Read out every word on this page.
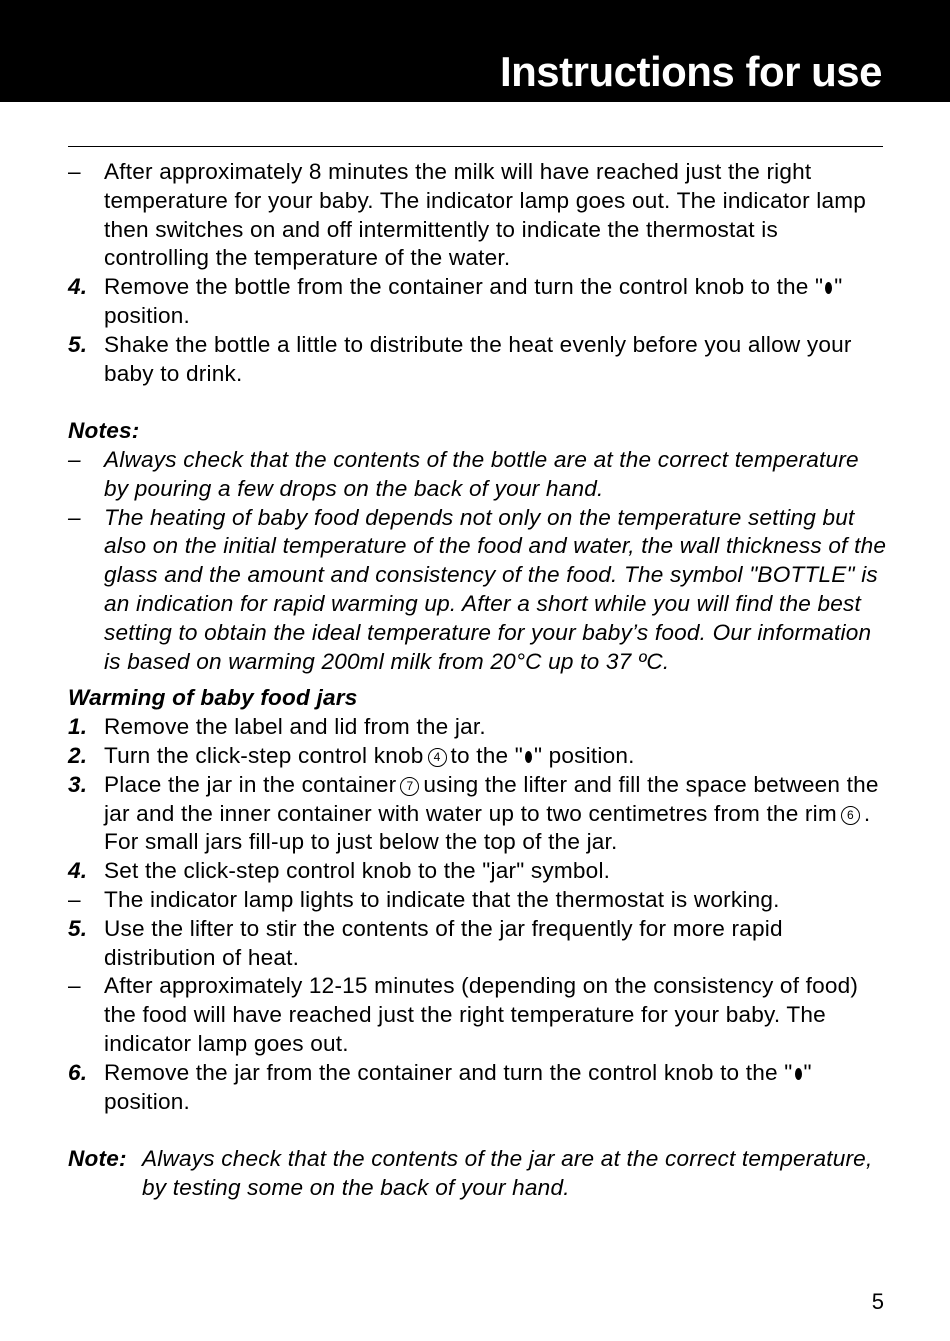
Instructions for use
–	After approximately 8 minutes the milk will have reached just the right temperature for your baby. The indicator lamp goes out. The indicator lamp then switches on and off intermittently to indicate the thermostat is controlling the temperature of the water.
4. Remove the bottle from the container and turn the control knob to the " " position.
5. Shake the bottle a little to distribute the heat evenly before you allow your baby to drink.
Notes:
–	Always check that the contents of the bottle are at the correct temperature by pouring a few drops on the back of your hand.
–	The heating of baby food depends not only on the temperature setting but also on the initial temperature of the food and water, the wall thickness of the glass and the amount and consistency of the food. The symbol "BOTTLE" is an indication for rapid warming up. After a short while you will find the best setting to obtain the ideal temperature for your baby’s food. Our information is based on warming 200ml milk from 20°C up to 37 ºC.
Warming of baby food jars
1. Remove the label and lid from the jar.
2. Turn the click-step control knob 4 to the " " position.
3. Place the jar in the container 7 using the lifter and fill the space between the jar and the inner container with water up to two centimetres from the rim 6 . For small jars fill-up to just below the top of the jar.
4. Set the click-step control knob to the "jar" symbol.
–	The indicator lamp lights to indicate that the thermostat is working.
5. Use the lifter to stir the contents of the jar frequently for more rapid distribution of heat.
–	After approximately 12-15 minutes (depending on the consistency of food) the food will have reached just the right temperature for your baby. The indicator lamp goes out.
6. Remove the jar from the container and turn the control knob to the " " position.
Note: Always check that the contents of the jar are at the correct temperature, by testing some on the back of your hand.
5
